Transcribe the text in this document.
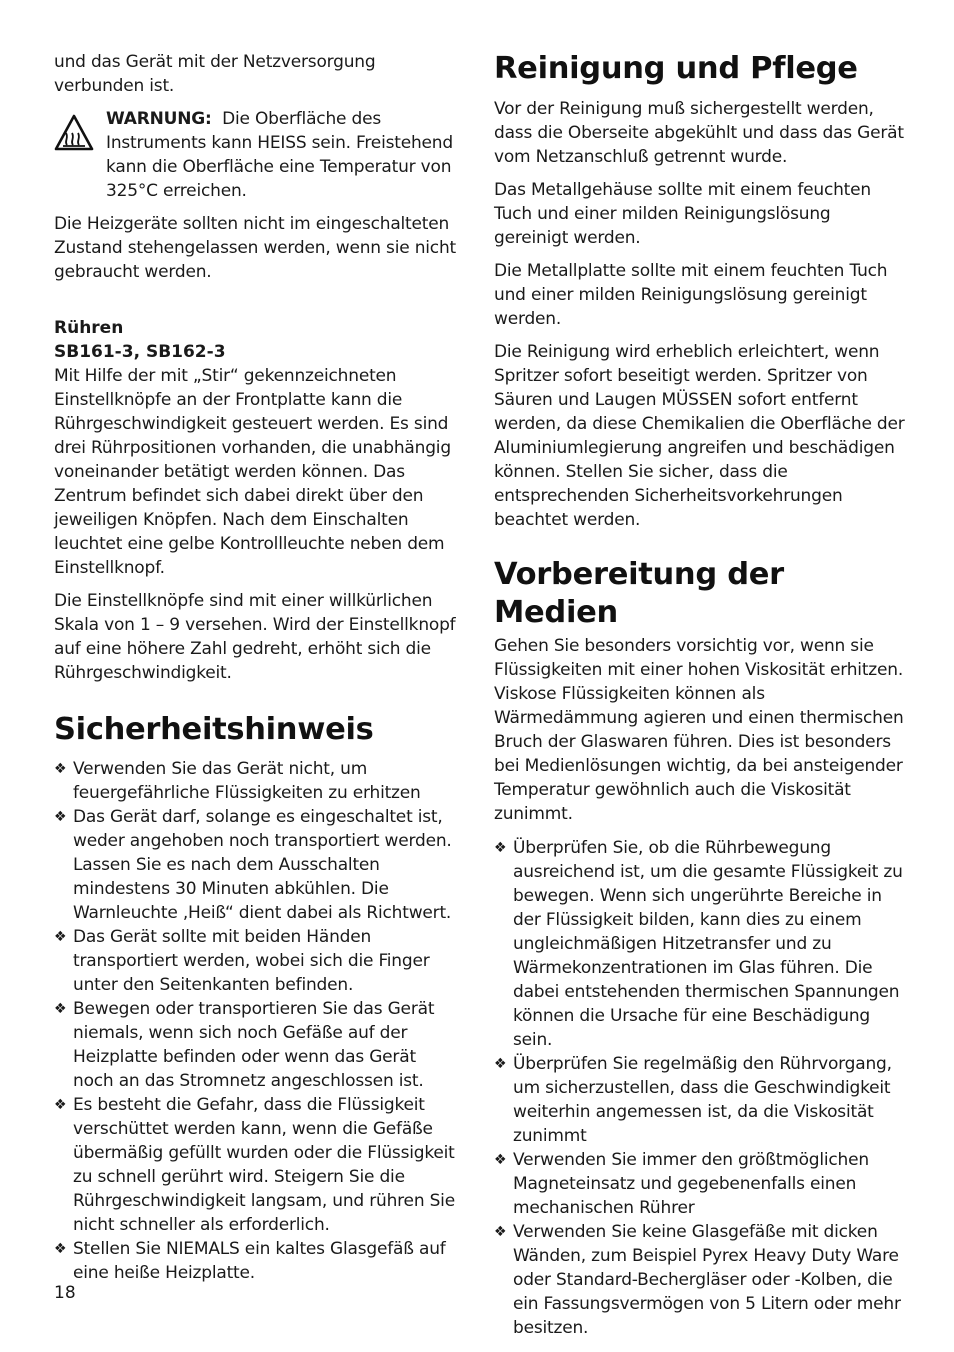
und das Gerät mit der Netzversorgung verbunden ist.

WARNUNG: Die Oberfläche des Instruments kann HEISS sein. Freistehend kann die Oberfläche eine Temperatur von 325°C erreichen.

Die Heizgeräte sollten nicht im eingeschalteten Zustand stehengelassen werden, wenn sie nicht gebraucht werden.

Rühren
SB161-3, SB162-3

Mit Hilfe der mit „Stir“ gekennzeichneten Einstellknöpfe an der Frontplatte kann die Rührgeschwindigkeit gesteuert werden. Es sind drei Rührpositionen vorhanden, die unabhängig voneinander betätigt werden können. Das Zentrum befindet sich dabei direkt über den jeweiligen Knöpfen. Nach dem Einschalten leuchtet eine gelbe Kontrollleuchte neben dem Einstellknopf.

Die Einstellknöpfe sind mit einer willkürlichen Skala von 1 – 9 versehen. Wird der Einstellknopf auf eine höhere Zahl gedreht, erhöht sich die Rührgeschwindigkeit.

Sicherheitshinweis
❖ Verwenden Sie das Gerät nicht, um feuergefährliche Flüssigkeiten zu erhitzen
❖ Das Gerät darf, solange es eingeschaltet ist, weder angehoben noch transportiert werden. Lassen Sie es nach dem Ausschalten mindestens 30 Minuten abkühlen. Die Warnleuchte ‚Heiß“ dient dabei als Richtwert.
❖ Das Gerät sollte mit beiden Händen transportiert werden, wobei sich die Finger unter den Seitenkanten befinden.
❖ Bewegen oder transportieren Sie das Gerät niemals, wenn sich noch Gefäße auf der Heizplatte befinden oder wenn das Gerät noch an das Stromnetz angeschlossen ist.
❖ Es besteht die Gefahr, dass die Flüssigkeit verschüttet werden kann, wenn die Gefäße übermäßig gefüllt wurden oder die Flüssigkeit zu schnell gerührt wird. Steigern Sie die Rührgeschwindigkeit langsam, und rühren Sie nicht schneller als erforderlich.
❖ Stellen Sie NIEMALS ein kaltes Glasgefäß auf eine heiße Heizplatte.
Reinigung und Pflege

Vor der Reinigung muß sichergestellt werden, dass die Oberseite abgekühlt und dass das Gerät vom Netzanschluß getrennt wurde.

Das Metallgehäuse sollte mit einem feuchten Tuch und einer milden Reinigungslösung gereinigt werden.

Die Metallplatte sollte mit einem feuchten Tuch und einer milden Reinigungslösung gereinigt werden.

Die Reinigung wird erheblich erleichtert, wenn Spritzer sofort beseitigt werden. Spritzer von Säuren und Laugen MÜSSEN sofort entfernt werden, da diese Chemikalien die Oberfläche der Aluminiumlegierung angreifen und beschädigen können. Stellen Sie sicher, dass die entsprechenden Sicherheitsvorkehrungen beachtet werden.

Vorbereitung der Medien

Gehen Sie besonders vorsichtig vor, wenn sie Flüssigkeiten mit einer hohen Viskosität erhitzen. Viskose Flüssigkeiten können als Wärmedämmung agieren und einen thermischen Bruch der Glaswaren führen. Dies ist besonders bei Medienlösungen wichtig, da bei ansteigender Temperatur gewöhnlich auch die Viskosität zunimmt.

❖ Überprüfen Sie, ob die Rührbewegung ausreichend ist, um die gesamte Flüssigkeit zu bewegen. Wenn sich ungerührte Bereiche in der Flüssigkeit bilden, kann dies zu einem ungleichmäßigen Hitzetransfer und zu Wärmekonzentrationen im Glas führen. Die dabei entstehenden thermischen Spannungen können die Ursache für eine Beschädigung sein.
❖ Überprüfen Sie regelmäßig den Rührvorgang, um sicherzustellen, dass die Geschwindigkeit weiterhin angemessen ist, da die Viskosität zunimmt
❖ Verwenden Sie immer den größtmöglichen Magneteinsatz und gegebenenfalls einen mechanischen Rührer
❖ Verwenden Sie keine Glasgefäße mit dicken Wänden, zum Beispiel Pyrex Heavy Duty Ware oder Standard-Bechergläser oder -Kolben, die ein Fassungsvermögen von 5 Litern oder mehr besitzen.
18
